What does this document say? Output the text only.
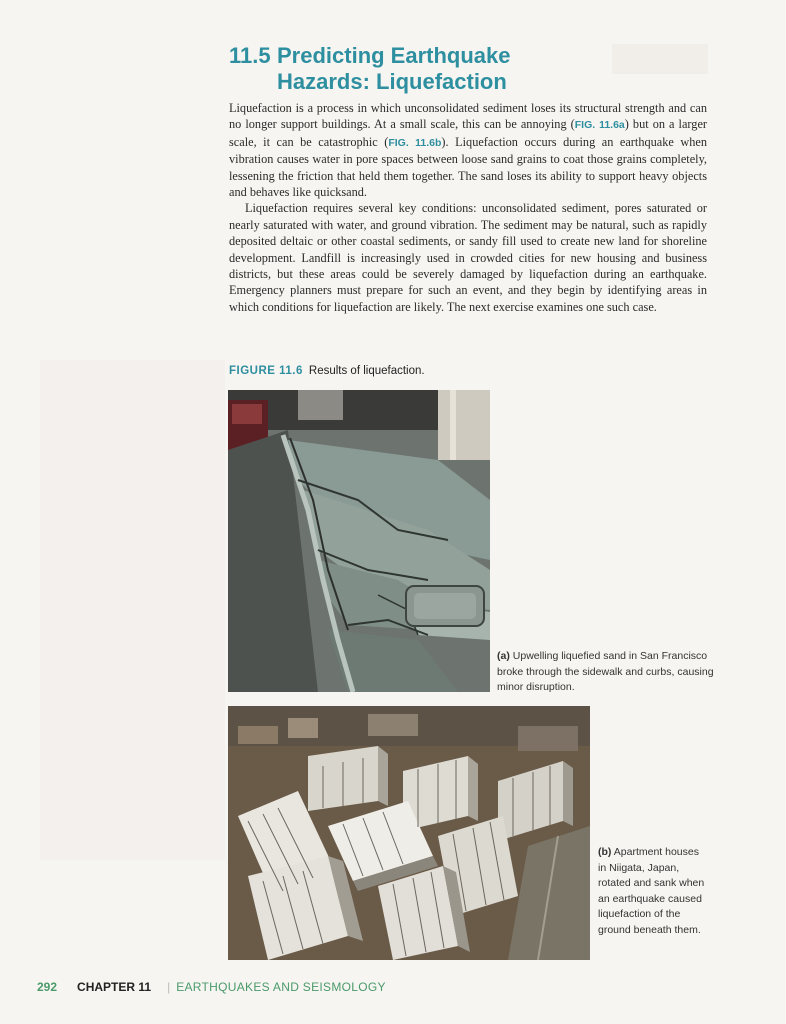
11.5 Predicting Earthquake
Hazards: Liquefaction

Liquefaction is a process in which unconsolidated sediment loses its structural strength and can no longer support buildings. At a small scale, this can be annoying (FIG. 11.6a) but on a larger scale, it can be catastrophic (FIG. 11.6b). Liquefaction occurs during an earthquake when vibration causes water in pore spaces between loose sand grains to coat those grains completely, lessening the friction that held them together. The sand loses its ability to support heavy objects and behaves like quicksand.

Liquefaction requires several key conditions: unconsolidated sediment, pores saturated or nearly saturated with water, and ground vibration. The sediment may be natural, such as rapidly deposited deltaic or other coastal sediments, or sandy fill used to create new land for shoreline development. Landfill is increasingly used in crowded cities for new housing and business districts, but these areas could be severely damaged by liquefaction during an earthquake. Emergency planners must prepare for such an event, and they begin by identifying areas in which conditions for liquefaction are likely. The next exercise examines one such case.

FIGURE 11.6 Results of liquefaction.
(a) Upwelling liquefied sand in San Francisco broke through the sidewalk and curbs, causing minor disruption.
(b) Apartment houses in Niigata, Japan, rotated and sank when an earthquake caused liquefaction of the ground beneath them.
292 CHAPTER 11 | EARTHQUAKES AND SEISMOLOGY
